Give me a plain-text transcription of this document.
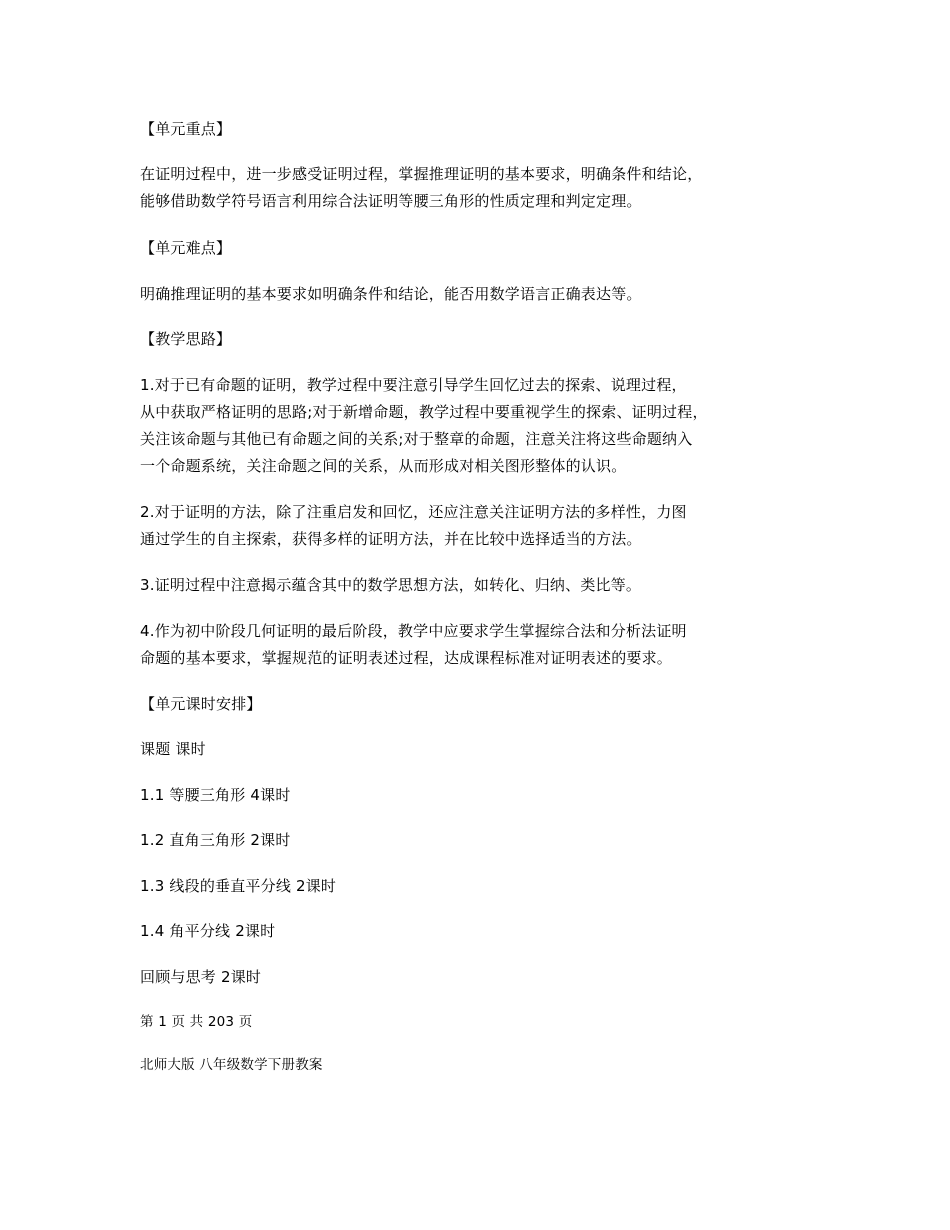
【单元重点】
在证明过程中，进一步感受证明过程，掌握推理证明的基本要求，明确条件和结论，
能够借助数学符号语言利用综合法证明等腰三角形的性质定理和判定定理。
【单元难点】
明确推理证明的基本要求如明确条件和结论，能否用数学语言正确表达等。
【教学思路】
1.对于已有命题的证明，教学过程中要注意引导学生回忆过去的探索、说理过程，
从中获取严格证明的思路;对于新增命题，教学过程中要重视学生的探索、证明过程，
关注该命题与其他已有命题之间的关系;对于整章的命题，注意关注将这些命题纳入
一个命题系统，关注命题之间的关系，从而形成对相关图形整体的认识。
2.对于证明的方法，除了注重启发和回忆，还应注意关注证明方法的多样性，力图
通过学生的自主探索，获得多样的证明方法，并在比较中选择适当的方法。
3.证明过程中注意揭示蕴含其中的数学思想方法，如转化、归纳、类比等。
4.作为初中阶段几何证明的最后阶段，教学中应要求学生掌握综合法和分析法证明
命题的基本要求，掌握规范的证明表述过程，达成课程标准对证明表述的要求。
【单元课时安排】
课题 课时
1.1 等腰三角形 4课时
1.2 直角三角形 2课时
1.3 线段的垂直平分线 2课时
1.4 角平分线 2课时
回顾与思考 2课时
第 1 页 共 203 页
北师大版 八年级数学下册教案
